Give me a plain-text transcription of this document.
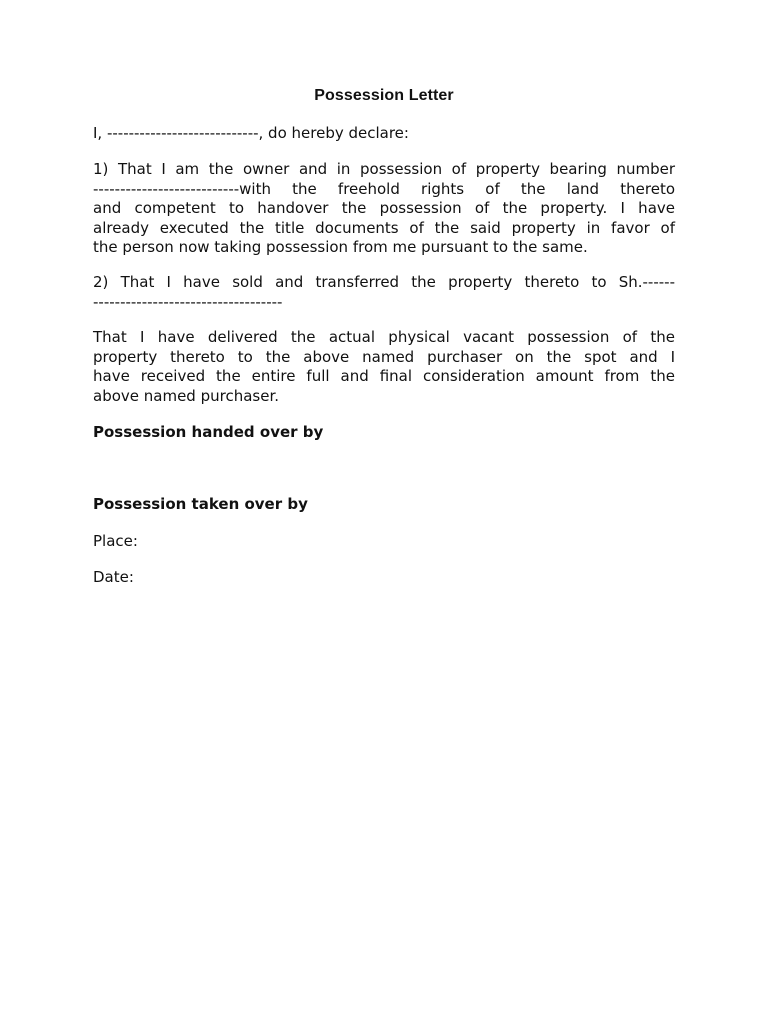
Possession Letter
I, ----------------------------, do hereby declare:
1) That I am the owner and in possession of property bearing number
---------------------------with the freehold rights of the land thereto
and competent to handover the possession of the property. I have
already executed the title documents of the said property in favor of
the person now taking possession from me pursuant to the same.
2) That I have sold and transferred the property thereto to Sh.------
-----------------------------------
That I have delivered the actual physical vacant possession of the
property thereto to the above named purchaser on the spot and I
have received the entire full and final consideration amount from the
above named purchaser.
Possession handed over by
Possession taken over by
Place:
Date:
